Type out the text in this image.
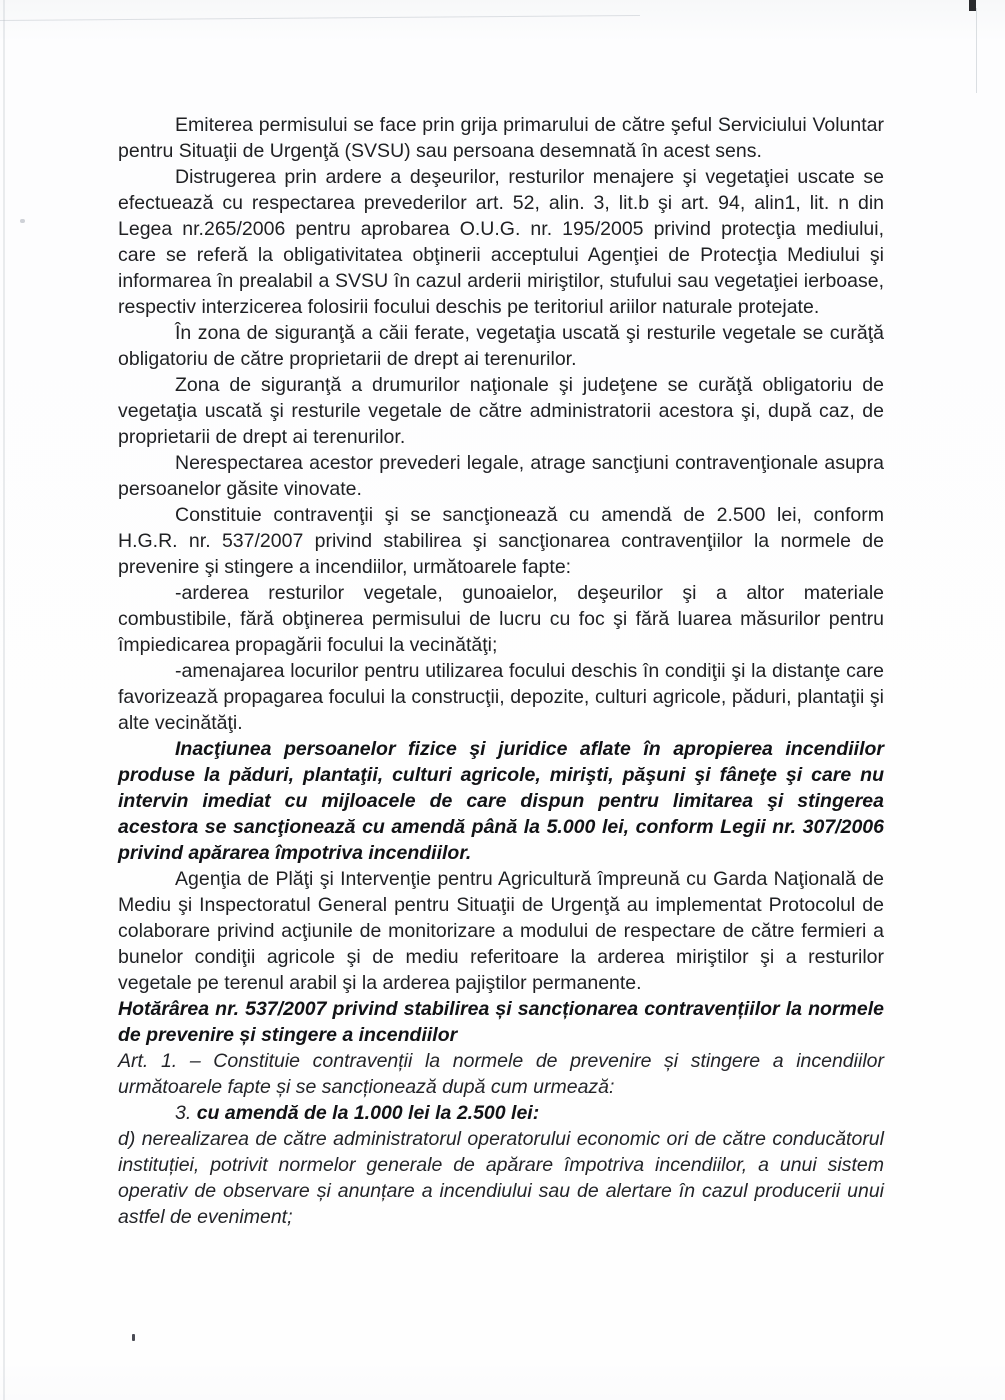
Emiterea permisului se face prin grija primarului de către şeful Serviciului Voluntar pentru Situaţii de Urgenţă (SVSU) sau persoana desemnată în acest sens.

Distrugerea prin ardere a deşeurilor, resturilor menajere şi vegetaţiei uscate se efectuează cu respectarea prevederilor art. 52, alin. 3, lit.b şi art. 94, alin1, lit. n din Legea nr.265/2006 pentru aprobarea O.U.G. nr. 195/2005 privind protecţia mediului, care se referă la obligativitatea obţinerii acceptului Agenţiei de Protecţia Mediului şi informarea în prealabil a SVSU în cazul arderii miriştilor, stufului sau vegetaţiei ierboase, respectiv interzicerea folosirii focului deschis pe teritoriul ariilor naturale protejate.

În zona de siguranţă a căii ferate, vegetaţia uscată şi resturile vegetale se curăţă obligatoriu de către proprietarii de drept ai terenurilor.

Zona de siguranţă a drumurilor naţionale şi judeţene se curăţă obligatoriu de vegetaţia uscată şi resturile vegetale de către administratorii acestora şi, după caz, de proprietarii de drept ai terenurilor.

Nerespectarea acestor prevederi legale, atrage sancţiuni contravenţionale asupra persoanelor găsite vinovate.

Constituie contravenţii şi se sancţionează cu amendă de 2.500 lei, conform H.G.R. nr. 537/2007 privind stabilirea şi sancţionarea contravenţiilor la normele de prevenire şi stingere a incendiilor, următoarele fapte:

-arderea resturilor vegetale, gunoaielor, deşeurilor şi a altor materiale combustibile, fără obţinerea permisului de lucru cu foc şi fără luarea măsurilor pentru împiedicarea propagării focului la vecinătăţi;

-amenajarea locurilor pentru utilizarea focului deschis în condiţii şi la distanţe care favorizează propagarea focului la construcţii, depozite, culturi agricole, păduri, plantaţii şi alte vecinătăţi.

Inacţiunea persoanelor fizice şi juridice aflate în apropierea incendiilor produse la păduri, plantaţii, culturi agricole, mirişti, păşuni şi fâneţe şi care nu intervin imediat cu mijloacele de care dispun pentru limitarea şi stingerea acestora se sancţionează cu amendă până la 5.000 lei, conform Legii nr. 307/2006 privind apărarea împotriva incendiilor.

Agenţia de Plăţi şi Intervenţie pentru Agricultură împreună cu Garda Naţională de Mediu şi Inspectoratul General pentru Situaţii de Urgenţă au implementat Protocolul de colaborare privind acţiunile de monitorizare a modului de respectare de către fermieri a bunelor condiţii agricole şi de mediu referitoare la arderea miriştilor şi a resturilor vegetale pe terenul arabil şi la arderea pajiştilor permanente.

Hotărârea nr. 537/2007 privind stabilirea și sancționarea contravențiilor la normele de prevenire și stingere a incendiilor

Art. 1. – Constituie contravenții la normele de prevenire și stingere a incendiilor următoarele fapte și se sancționează după cum urmează:

3. cu amendă de la 1.000 lei la 2.500 lei:

d) nerealizarea de către administratorul operatorului economic ori de către conducătorul instituției, potrivit normelor generale de apărare împotriva incendiilor, a unui sistem operativ de observare și anunțare a incendiului sau de alertare în cazul producerii unui astfel de eveniment;
